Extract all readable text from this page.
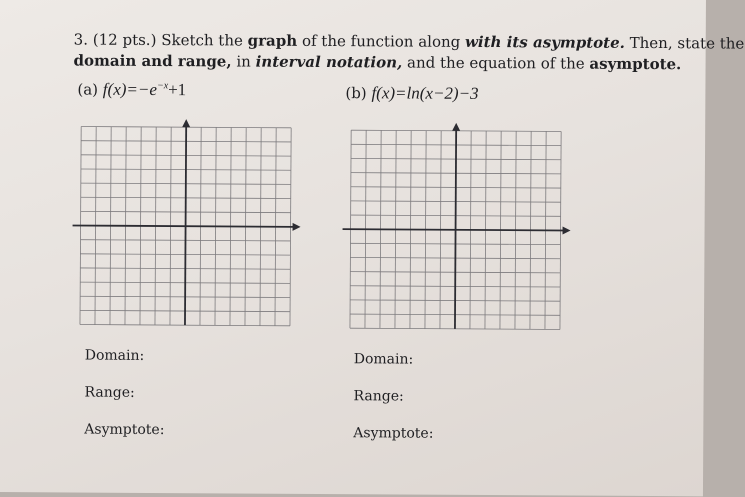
3. (12 pts.) Sketch the graph of the function along with its asymptote. Then, state the
domain and range, in interval notation, and the equation of the asymptote.
(a) $f(x)=-e^{-x}+1$	(b) f(x)=ln(x−2)−3
Domain:
Range:
Asymptote:
Domain:
Range:
Asymptote:
